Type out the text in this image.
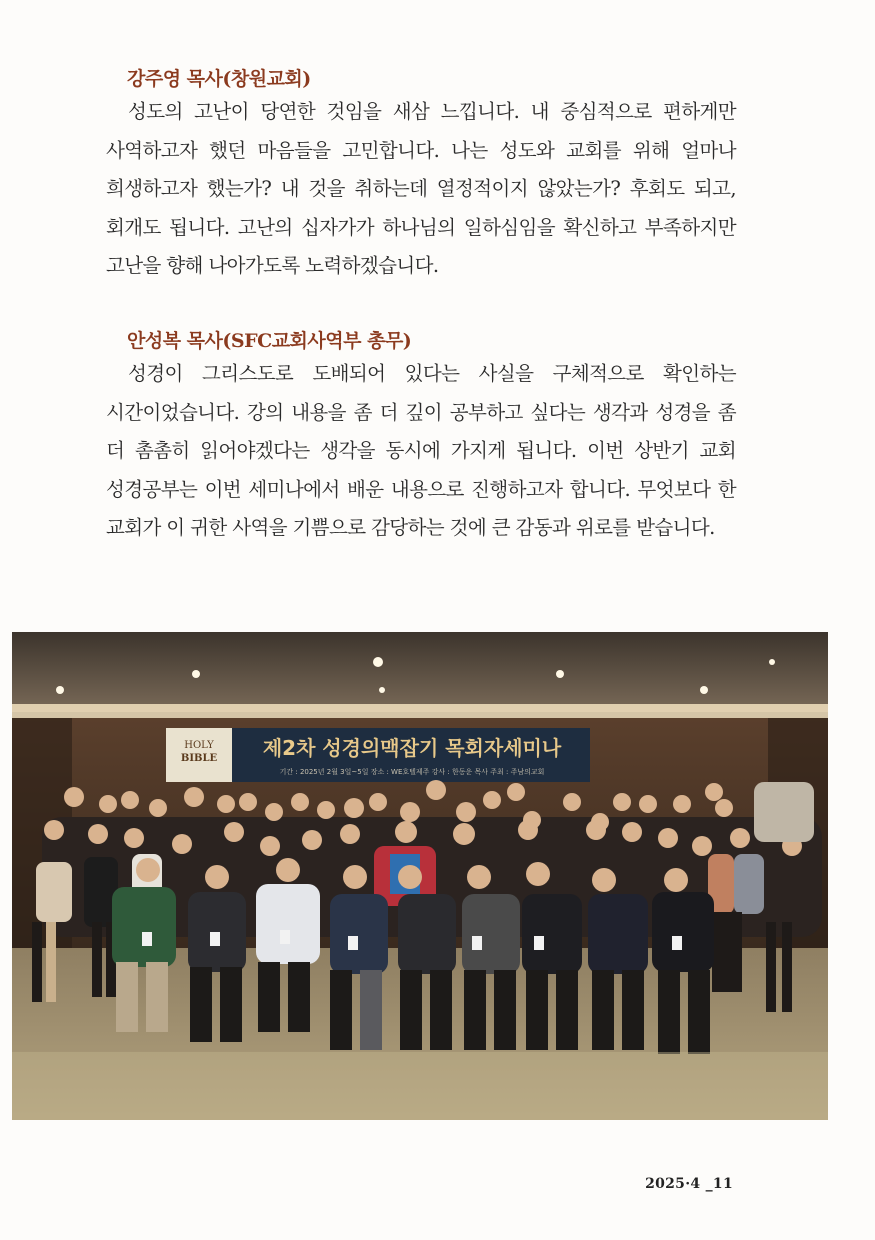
강주영 목사(창원교회)

성도의 고난이 당연한 것임을 새삼 느낍니다. 내 중심적으로 편하게만 사역하고자 했던 마음들을 고민합니다. 나는 성도와 교회를 위해 얼마나 희생하고자 했는가? 내 것을 취하는데 열정적이지 않았는가? 후회도 되고, 회개도 됩니다. 고난의 십자가가 하나님의 일하심임을 확신하고 부족하지만 고난을 향해 나아가도록 노력하겠습니다.

안성복 목사(SFC교회사역부 총무)

성경이 그리스도로 도배되어 있다는 사실을 구체적으로 확인하는 시간이었습니다. 강의 내용을 좀 더 깊이 공부하고 싶다는 생각과 성경을 좀 더 촘촘히 읽어야겠다는 생각을 동시에 가지게 됩니다. 이번 상반기 교회 성경공부는 이번 세미나에서 배운 내용으로 진행하고자 합니다. 무엇보다 한 교회가 이 귀한 사역을 기쁨으로 감당하는 것에 큰 감동과 위로를 받습니다.

HOLY
BIBLE 제2차 성경의맥잡기 목회자세미나
기간 : 2025년 2월 3일~5일 장소 : WE호텔제주 강사 : 한동운 목사 주최 : 주남의교회
2025·4 _11
